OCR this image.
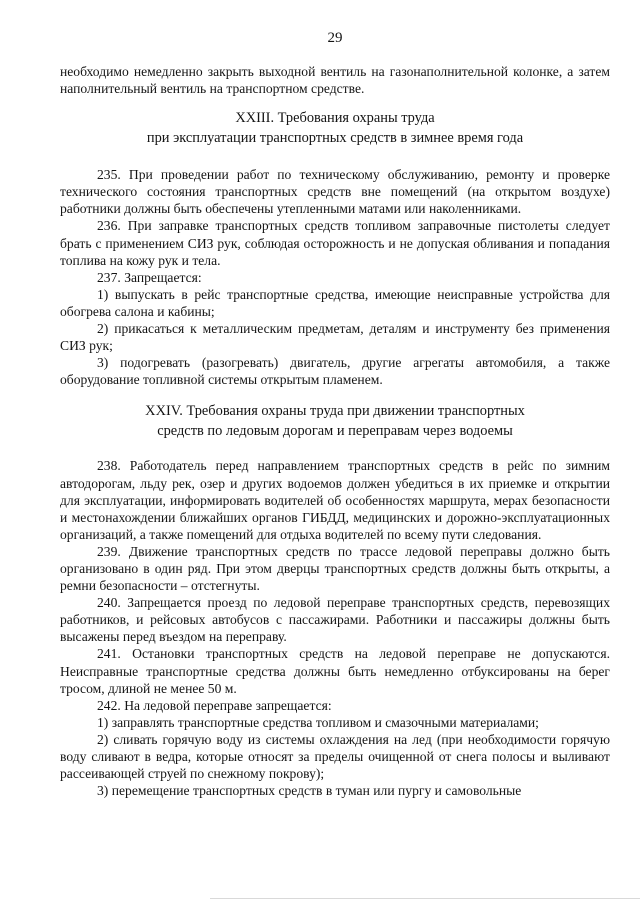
29

необходимо немедленно закрыть выходной вентиль на газонаполнительной колонке, а затем наполнительный вентиль на транспортном средстве.

XXIII. Требования охраны труда
при эксплуатации транспортных средств в зимнее время года

235. При проведении работ по техническому обслуживанию, ремонту и проверке технического состояния транспортных средств вне помещений (на открытом воздухе) работники должны быть обеспечены утепленными матами или наколенниками.

236. При заправке транспортных средств топливом заправочные пистолеты следует брать с применением СИЗ рук, соблюдая осторожность и не допуская обливания и попадания топлива на кожу рук и тела.

237. Запрещается:

1) выпускать в рейс транспортные средства, имеющие неисправные устройства для обогрева салона и кабины;

2) прикасаться к металлическим предметам, деталям и инструменту без применения СИЗ рук;

3) подогревать (разогревать) двигатель, другие агрегаты автомобиля, а также оборудование топливной системы открытым пламенем.

XXIV. Требования охраны труда при движении транспортных
средств по ледовым дорогам и переправам через водоемы

238. Работодатель перед направлением транспортных средств в рейс по зимним автодорогам, льду рек, озер и других водоемов должен убедиться в их приемке и открытии для эксплуатации, информировать водителей об особенностях маршрута, мерах безопасности и местонахождении ближайших органов ГИБДД, медицинских и дорожно-эксплуатационных организаций, а также помещений для отдыха водителей по всему пути следования.

239. Движение транспортных средств по трассе ледовой переправы должно быть организовано в один ряд. При этом дверцы транспортных средств должны быть открыты, а ремни безопасности – отстегнуты.

240. Запрещается проезд по ледовой переправе транспортных средств, перевозящих работников, и рейсовых автобусов с пассажирами. Работники и пассажиры должны быть высажены перед въездом на переправу.

241. Остановки транспортных средств на ледовой переправе не допускаются. Неисправные транспортные средства должны быть немедленно отбуксированы на берег тросом, длиной не менее 50 м.

242. На ледовой переправе запрещается:

1) заправлять транспортные средства топливом и смазочными материалами;

2) сливать горячую воду из системы охлаждения на лед (при необходимости горячую воду сливают в ведра, которые относят за пределы очищенной от снега полосы и выливают рассеивающей струей по снежному покрову);

3) перемещение транспортных средств в туман или пургу и самовольные
